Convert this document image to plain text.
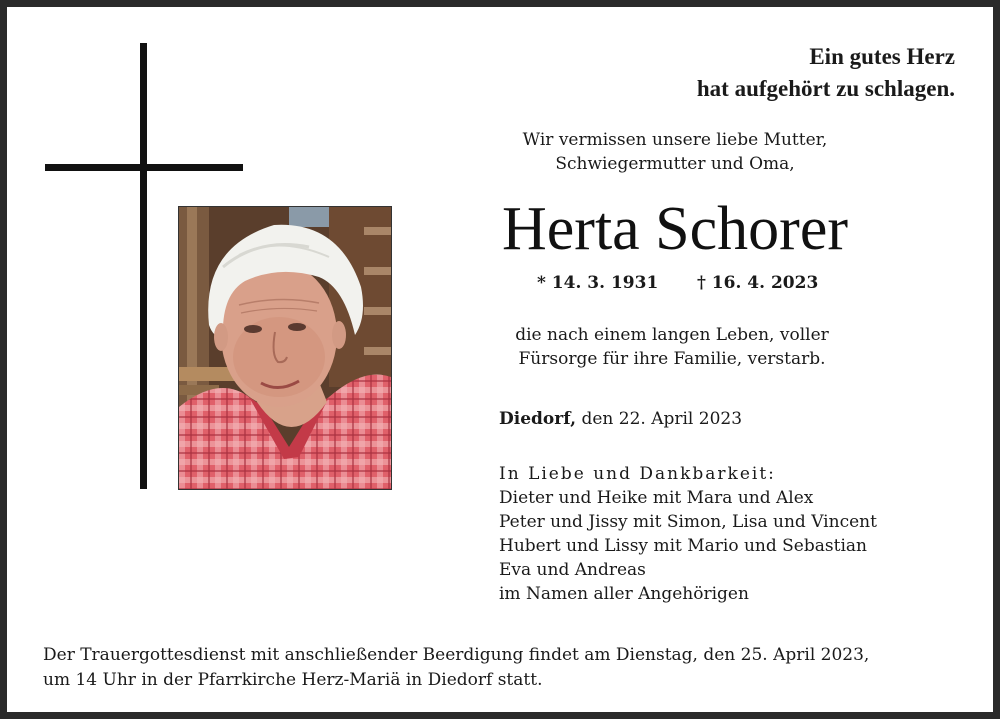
Ein gutes Herz
hat aufgehört zu schlagen.
Wir vermissen unsere liebe Mutter,
Schwiegermutter und Oma,
Herta Schorer
* 14. 3. 1931 † 16. 4. 2023
die nach einem langen Leben, voller
Fürsorge für ihre Familie, verstarb.
Diedorf, den 22. April 2023
In Liebe und Dankbarkeit:
Dieter und Heike mit Mara und Alex
Peter und Jissy mit Simon, Lisa und Vincent
Hubert und Lissy mit Mario und Sebastian
Eva und Andreas
im Namen aller Angehörigen
Der Trauergottesdienst mit anschließender Beerdigung findet am Dienstag, den 25. April 2023,
um 14 Uhr in der Pfarrkirche Herz-Mariä in Diedorf statt.
